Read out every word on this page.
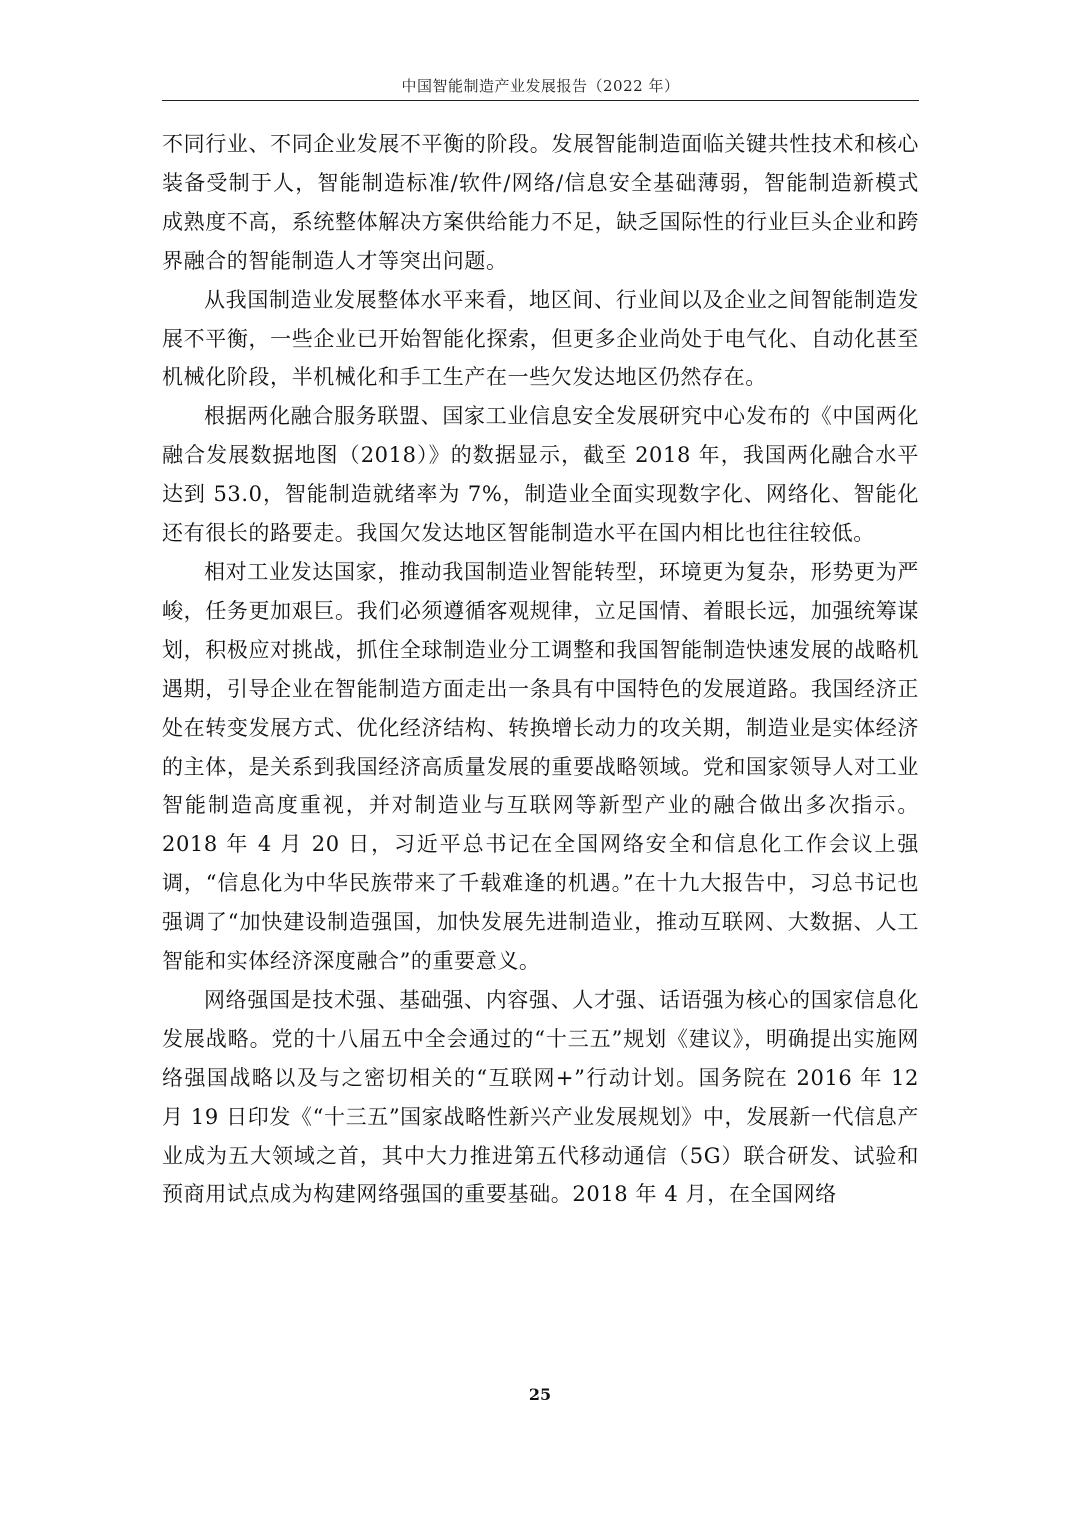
中国智能制造产业发展报告（2022 年）

不同行业、不同企业发展不平衡的阶段。发展智能制造面临关键共性技术和核心装备受制于人，智能制造标准/软件/网络/信息安全基础薄弱，智能制造新模式成熟度不高，系统整体解决方案供给能力不足，缺乏国际性的行业巨头企业和跨界融合的智能制造人才等突出问题。

从我国制造业发展整体水平来看，地区间、行业间以及企业之间智能制造发展不平衡，一些企业已开始智能化探索，但更多企业尚处于电气化、自动化甚至机械化阶段，半机械化和手工生产在一些欠发达地区仍然存在。

根据两化融合服务联盟、国家工业信息安全发展研究中心发布的《中国两化融合发展数据地图（2018）》的数据显示，截至 2018 年，我国两化融合水平达到 53.0，智能制造就绪率为 7%，制造业全面实现数字化、网络化、智能化还有很长的路要走。我国欠发达地区智能制造水平在国内相比也往往较低。

相对工业发达国家，推动我国制造业智能转型，环境更为复杂，形势更为严峻，任务更加艰巨。我们必须遵循客观规律，立足国情、着眼长远，加强统筹谋划，积极应对挑战，抓住全球制造业分工调整和我国智能制造快速发展的战略机遇期，引导企业在智能制造方面走出一条具有中国特色的发展道路。我国经济正处在转变发展方式、优化经济结构、转换增长动力的攻关期，制造业是实体经济的主体，是关系到我国经济高质量发展的重要战略领域。党和国家领导人对工业智能制造高度重视，并对制造业与互联网等新型产业的融合做出多次指示。2018 年 4 月 20 日，习近平总书记在全国网络安全和信息化工作会议上强调，“信息化为中华民族带来了千载难逢的机遇。”在十九大报告中，习总书记也强调了“加快建设制造强国，加快发展先进制造业，推动互联网、大数据、人工智能和实体经济深度融合”的重要意义。

网络强国是技术强、基础强、内容强、人才强、话语强为核心的国家信息化发展战略。党的十八届五中全会通过的“十三五”规划《建议》，明确提出实施网络强国战略以及与之密切相关的“互联网+”行动计划。国务院在 2016 年 12 月 19 日印发《“十三五”国家战略性新兴产业发展规划》中，发展新一代信息产业成为五大领域之首，其中大力推进第五代移动通信（5G）联合研发、试验和预商用试点成为构建网络强国的重要基础。2018 年 4 月，在全国网络

25
